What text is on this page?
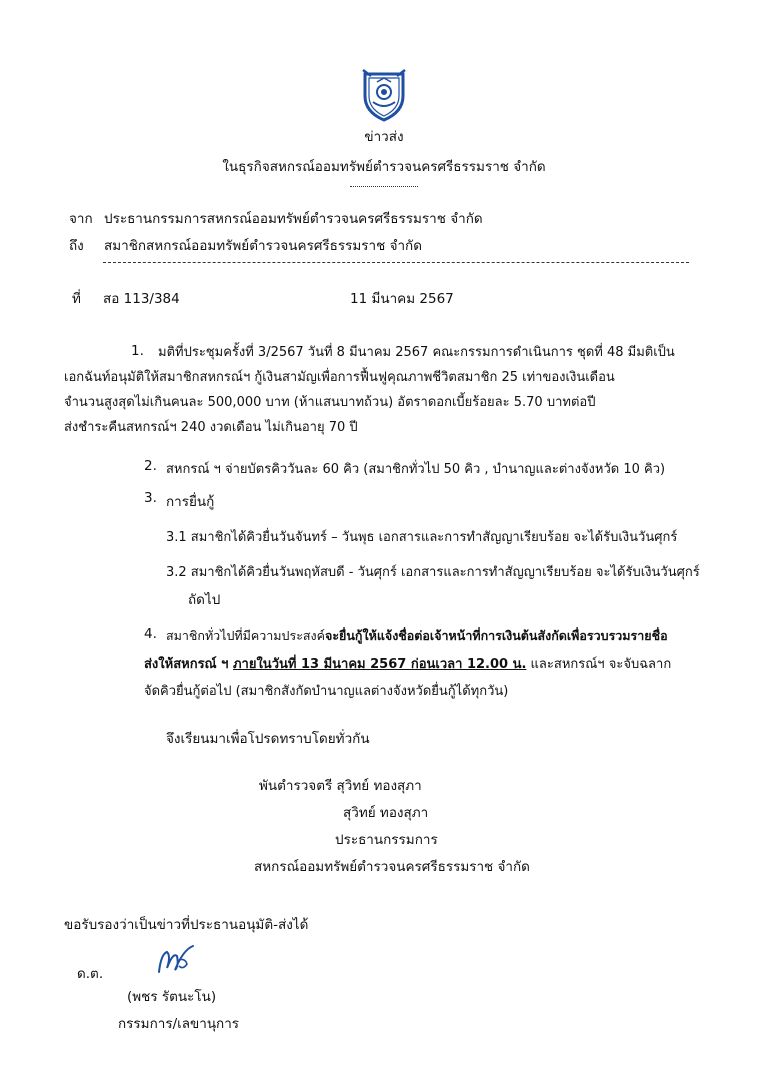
ข่าวส่ง
ในธุรกิจสหกรณ์ออมทรัพย์ตำรวจนครศรีธรรมราช จำกัด
จาก ประธานกรรมการสหกรณ์ออมทรัพย์ตำรวจนครศรีธรรมราช จำกัด
ถึง สมาชิกสหกรณ์ออมทรัพย์ตำรวจนครศรีธรรมราช จำกัด
ที่ สอ 113/384	11 มีนาคม 2567
1.	มติที่ประชุมครั้งที่ 3/2567 วันที่ 8 มีนาคม 2567 คณะกรรมการดำเนินการ ชุดที่ 48 มีมติเป็น
เอกฉันท์อนุมัติให้สมาชิกสหกรณ์ฯ กู้เงินสามัญเพื่อการฟื้นฟูคุณภาพชีวิตสมาชิก 25 เท่าของเงินเดือน
จำนวนสูงสุดไม่เกินคนละ 500,000 บาท (ห้าแสนบาทถ้วน) อัตราดอกเบี้ยร้อยละ 5.70 บาทต่อปี
ส่งชำระคืนสหกรณ์ฯ 240 งวดเดือน ไม่เกินอายุ 70 ปี
2. สหกรณ์ ฯ จ่ายบัตรคิววันละ 60 คิว (สมาชิกทั่วไป 50 คิว , บำนาญและต่างจังหวัด 10 คิว)
3. การยื่นกู้
3.1 สมาชิกได้คิวยื่นวันจันทร์ – วันพุธ เอกสารและการทำสัญญาเรียบร้อย จะได้รับเงินวันศุกร์
3.2 สมาชิกได้คิวยื่นวันพฤหัสบดี - วันศุกร์ เอกสารและการทำสัญญาเรียบร้อย จะได้รับเงินวันศุกร์
ถัดไป
4. สมาชิกทั่วไปที่มีความประสงค์จะยื่นกู้ให้แจ้งชื่อต่อเจ้าหน้าที่การเงินต้นสังกัดเพื่อรวบรวมรายชื่อ
ส่งให้สหกรณ์ ฯ ภายในวันที่ 13 มีนาคม 2567 ก่อนเวลา 12.00 น. และสหกรณ์ฯ จะจับฉลาก
จัดคิวยื่นกู้ต่อไป (สมาชิกสังกัดบำนาญแลต่างจังหวัดยื่นกู้ได้ทุกวัน)
จึงเรียนมาเพื่อโปรดทราบโดยทั่วกัน
พันตำรวจตรี สุวิทย์ ทองสุภา
สุวิทย์ ทองสุภา
ประธานกรรมการ
สหกรณ์ออมทรัพย์ตำรวจนครศรีธรรมราช จำกัด
ขอรับรองว่าเป็นข่าวที่ประธานอนุมัติ-ส่งได้
ด.ต.
(พชร รัตนะโน)
กรรมการ/เลขานุการ
